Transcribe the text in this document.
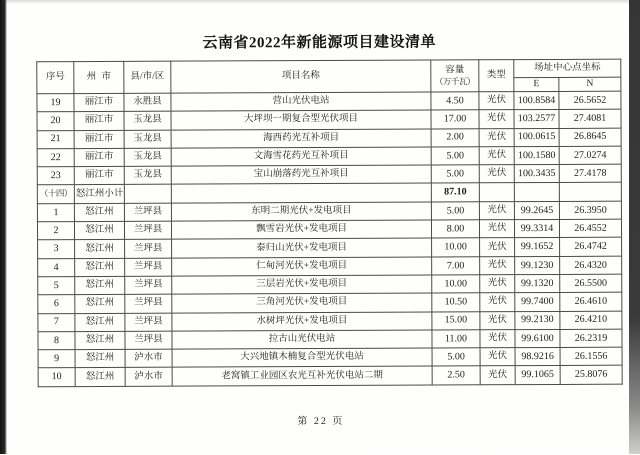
云南省2022年新能源项目建设清单
序号	州市	县/市/区	项目名称	容量
（万千瓦）	类型	场址中心点坐标	
						E	N
19	丽江市	永胜县	营山光伏电站	4.50	光伏	100.8584	26.5652
20	丽江市	玉龙县	大坪坝一期复合型光伏项目	17.00	光伏	103.2577	27.4081
21	丽江市	玉龙县	海西药光互补项目	2.00	光伏	100.0615	26.8645
22	丽江市	玉龙县	文海雪花药光互补项目	5.00	光伏	100.1580	27.0274
23	丽江市	玉龙县	宝山崩落药光互补项目	5.00	光伏	100.3435	27.4178
（十四）	怒江州小计			87.10			
1	怒江州	兰坪县	东明二期光伏+发电项目	5.00	光伏	99.2645	26.3950
2	怒江州	兰坪县	飘雪岩光伏+发电项目	8.00	光伏	99.3314	26.4552
3	怒江州	兰坪县	泰归山光伏+发电项目	10.00	光伏	99.1652	26.4742
4	怒江州	兰坪县	仁甸河光伏+发电项目	7.00	光伏	99.1230	26.4320
5	怒江州	兰坪县	三层岩光伏+发电项目	10.00	光伏	99.1320	26.5500
6	怒江州	兰坪县	三角河光伏+发电项目	10.50	光伏	99.7400	26.4610
7	怒江州	兰坪县	水树坪光伏+发电项目	15.00	光伏	99.2130	26.4210
8	怒江州	兰坪县	拉古山光伏电站	11.00	光伏	99.6100	26.2319
9	怒江州	泸水市	大兴地镇木楠复合型光伏电站	5.00	光伏	98.9216	26.1556
10	怒江州	泸水市	老窝镇工业园区农光互补光伏电站二期	2.50	光伏	99.1065	25.8076
第 22 页
